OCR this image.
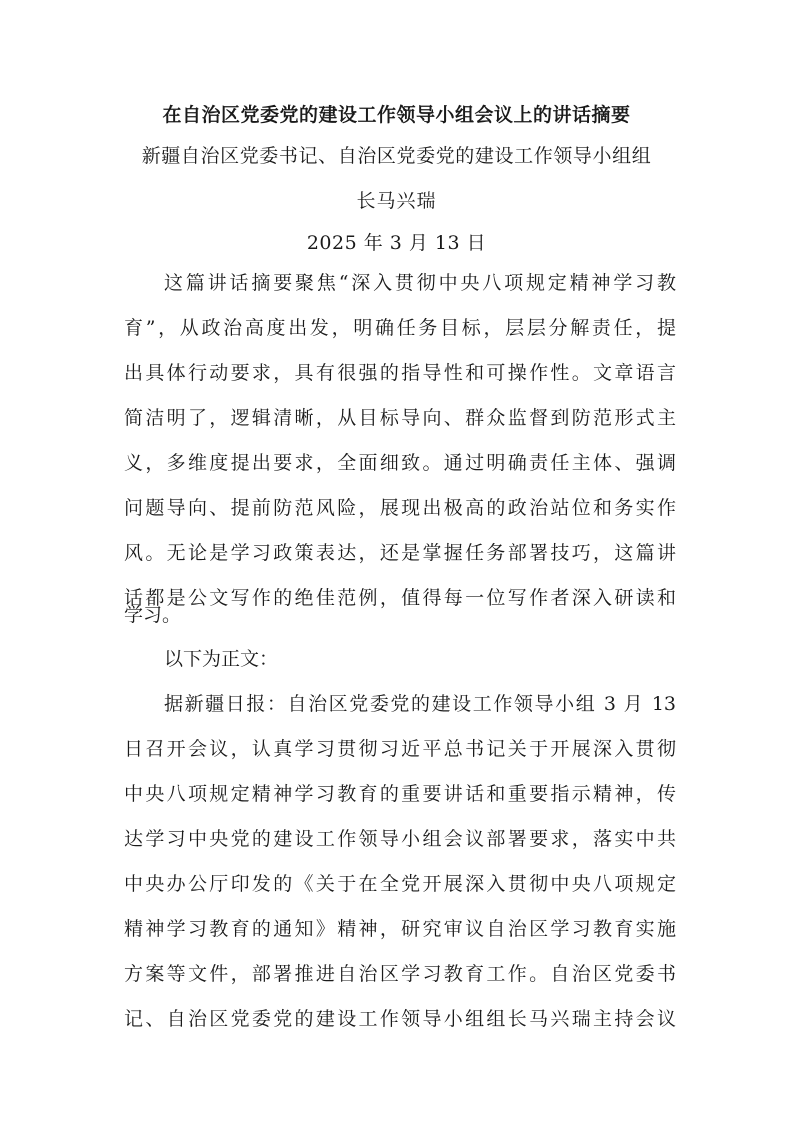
在自治区党委党的建设工作领导小组会议上的讲话摘要
新疆自治区党委书记、自治区党委党的建设工作领导小组组
长马兴瑞
2025 年 3 月 13 日
这篇讲话摘要聚焦“深入贯彻中央八项规定精神学习教
育”，从政治高度出发，明确任务目标，层层分解责任，提
出具体行动要求，具有很强的指导性和可操作性。文章语言
简洁明了，逻辑清晰，从目标导向、群众监督到防范形式主
义，多维度提出要求，全面细致。通过明确责任主体、强调
问题导向、提前防范风险，展现出极高的政治站位和务实作
风。无论是学习政策表达，还是掌握任务部署技巧，这篇讲
话都是公文写作的绝佳范例，值得每一位写作者深入研读和
学习。
以下为正文：
据新疆日报：自治区党委党的建设工作领导小组 3 月 13
日召开会议，认真学习贯彻习近平总书记关于开展深入贯彻
中央八项规定精神学习教育的重要讲话和重要指示精神，传
达学习中央党的建设工作领导小组会议部署要求，落实中共
中央办公厅印发的《关于在全党开展深入贯彻中央八项规定
精神学习教育的通知》精神，研究审议自治区学习教育实施
方案等文件，部署推进自治区学习教育工作。自治区党委书
记、自治区党委党的建设工作领导小组组长马兴瑞主持会议
